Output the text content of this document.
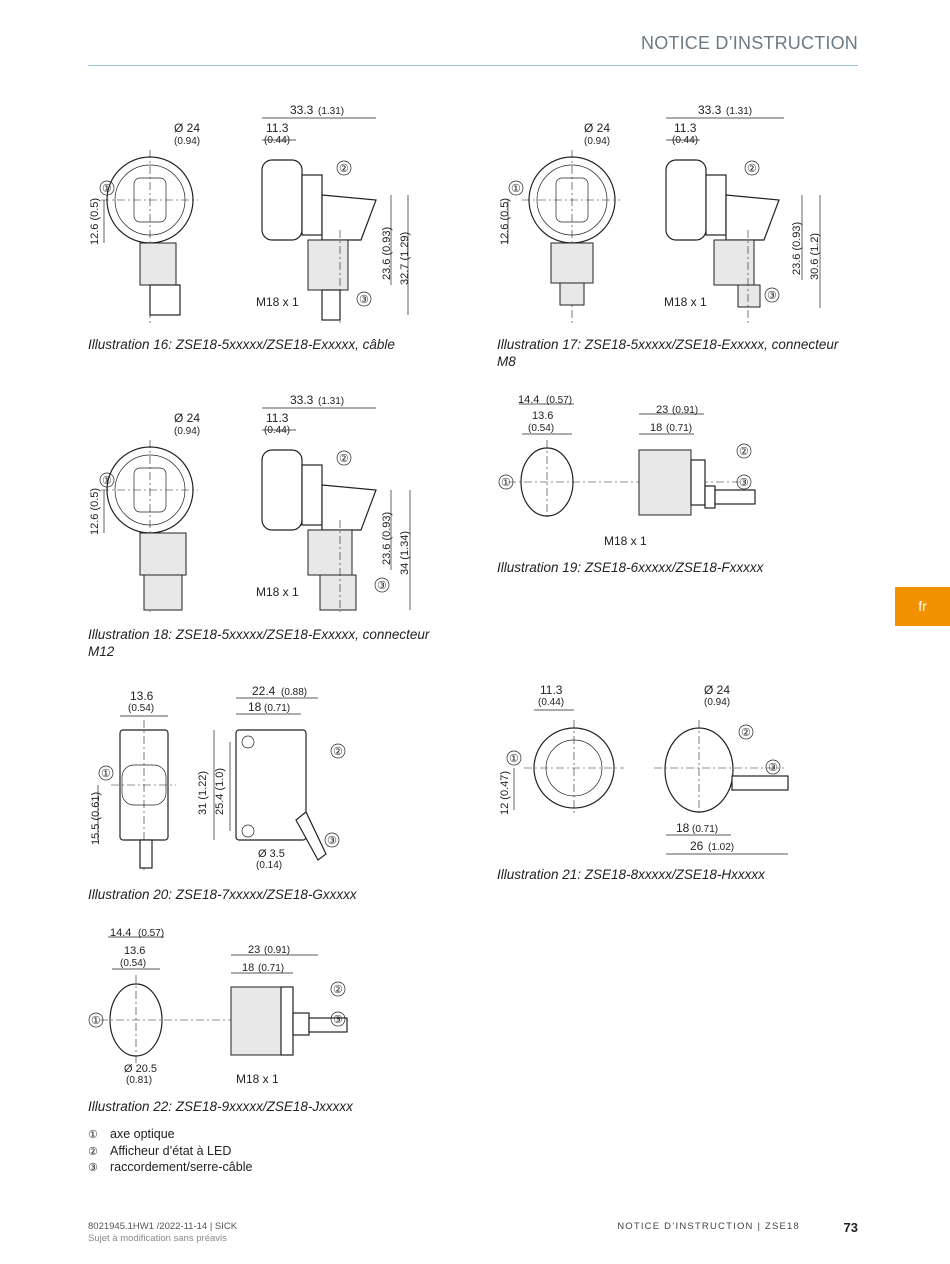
NOTICE D’INSTRUCTION
fr
12.6 (0.5)
Ø 24
(0.94)
①
33.3 (1.31)
11.3
(0.44)
23.6 (0.93) 32.7 (1.29)
M18 x 1
②
③
Illustration 16: ZSE18-5xxxxx/ZSE18-Exxxxx, câble
12.6 (0.5)
Ø 24
(0.94)
①
33.3 (1.31)
11.3
(0.44)
23.6 (0.93) 30.6 (1.2)
M18 x 1
②
③
Illustration 17: ZSE18-5xxxxx/ZSE18-Exxxxx, connecteur M8
12.6 (0.5)
Ø 24
(0.94)
①
33.3 (1.31)
11.3
(0.44)
23.6 (0.93) 34 (1.34)
M18 x 1
②
③
Illustration 18: ZSE18-5xxxxx/ZSE18-Exxxxx, connecteur M12
14.4 (0.57)
13.6
(0.54)
①
23 (0.91)
18 (0.71)
M18 x 1
②
③
Illustration 19: ZSE18-6xxxxx/ZSE18-Fxxxxx
13.6
(0.54)
15.5 (0.61)
①
22.4 (0.88)
18 (0.71)
31 (1.22) 25.4 (1.0)
Ø 3.5
(0.14)
②
③
Illustration 20: ZSE18-7xxxxx/ZSE18-Gxxxxx
11.3
(0.44)
12 (0.47)
①
Ø 24
(0.94)
18 (0.71)
26 (1.02)
②
③
Illustration 21: ZSE18-8xxxxx/ZSE18-Hxxxxx
14.4 (0.57)
13.6
(0.54)
Ø 20.5
(0.81)
①
23 (0.91)
18 (0.71)
M18 x 1
②
③
Illustration 22: ZSE18-9xxxxx/ZSE18-Jxxxxx
① axe optique
② Afficheur d’état à LED
③ raccordement/serre-câble
8021945.1HW1 /2022-11-14 | SICK
Sujet à modification sans préavis
NOTICE D’INSTRUCTION | ZSE18	73
